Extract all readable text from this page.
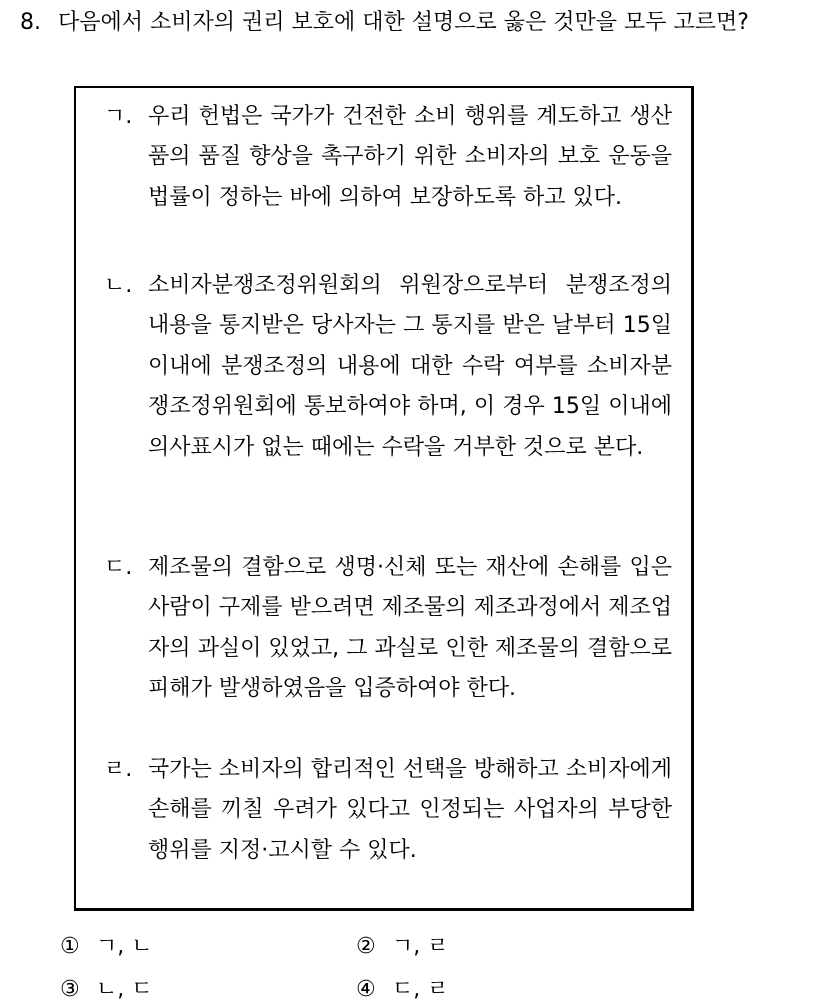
8. 다음에서 소비자의 권리 보호에 대한 설명으로 옳은 것만을 모두 고르면?
ㄱ. 우리 헌법은 국가가 건전한 소비 행위를 계도하고 생산품의 품질 향상을 촉구하기 위한 소비자의 보호 운동을 법률이 정하는 바에 의하여 보장하도록 하고 있다.
ㄴ. 소비자분쟁조정위원회의 위원장으로부터 분쟁조정의 내용을 통지받은 당사자는 그 통지를 받은 날부터 15일 이내에 분쟁조정의 내용에 대한 수락 여부를 소비자분쟁조정위원회에 통보하여야 하며, 이 경우 15일 이내에 의사표시가 없는 때에는 수락을 거부한 것으로 본다.
ㄷ. 제조물의 결함으로 생명·신체 또는 재산에 손해를 입은 사람이 구제를 받으려면 제조물의 제조과정에서 제조업자의 과실이 있었고, 그 과실로 인한 제조물의 결함으로 피해가 발생하였음을 입증하여야 한다.
ㄹ. 국가는 소비자의 합리적인 선택을 방해하고 소비자에게 손해를 끼칠 우려가 있다고 인정되는 사업자의 부당한 행위를 지정·고시할 수 있다.
① ㄱ, ㄴ	② ㄱ, ㄹ
③ ㄴ, ㄷ	④ ㄷ, ㄹ
